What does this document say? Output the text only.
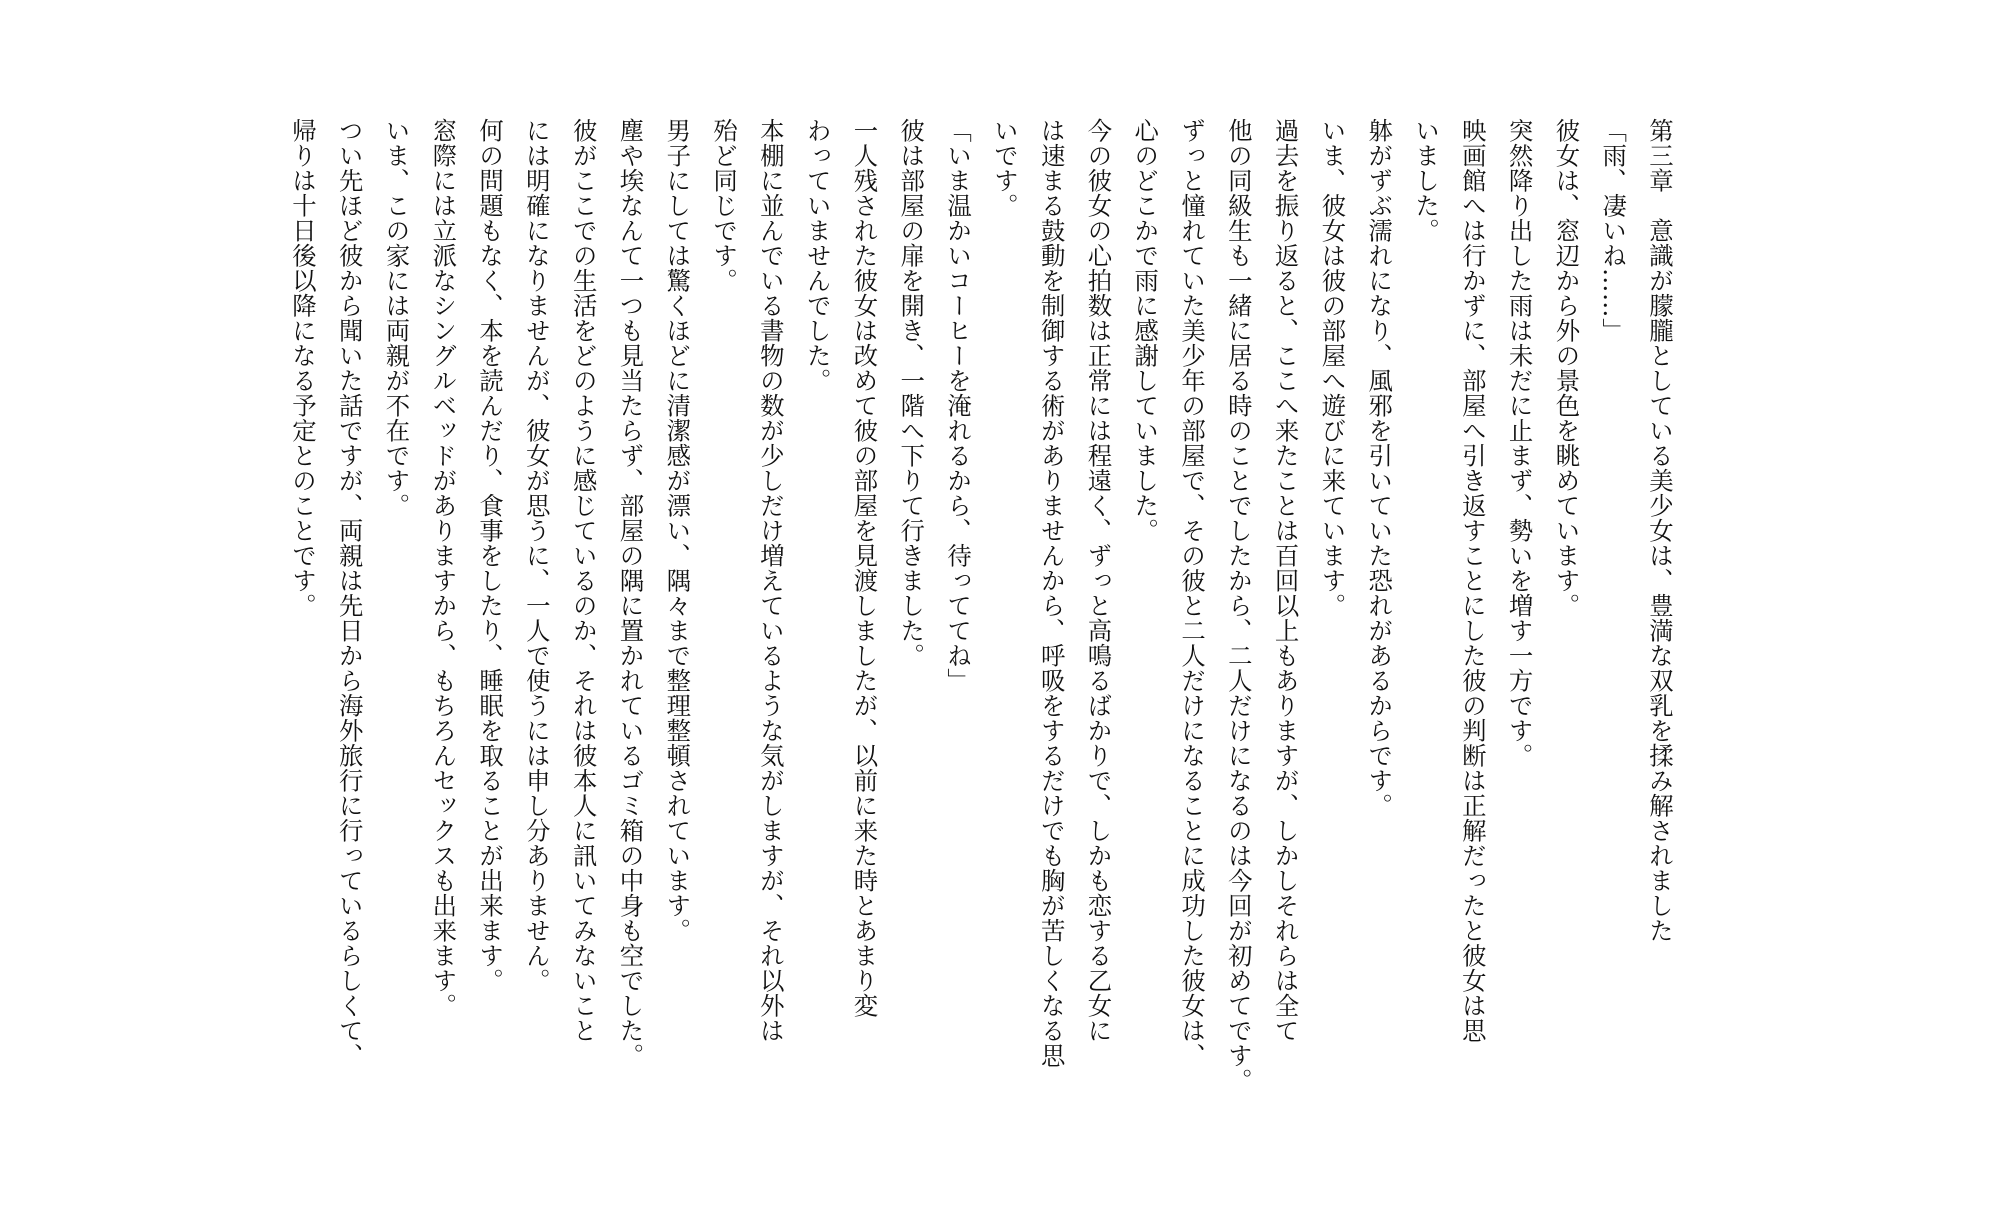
第三章　意識が朦朧としている美少女は、豊満な双乳を揉み解されました
「雨、凄いね……」
彼女は、窓辺から外の景色を眺めています。
突然降り出した雨は未だに止まず、勢いを増す一方です。
映画館へは行かずに、部屋へ引き返すことにした彼の判断は正解だったと彼女は思
いました。
躰がずぶ濡れになり、風邪を引いていた恐れがあるからです。
いま、彼女は彼の部屋へ遊びに来ています。
過去を振り返ると、ここへ来たことは百回以上もありますが、しかしそれらは全て
他の同級生も一緒に居る時のことでしたから、二人だけになるのは今回が初めてです。
ずっと憧れていた美少年の部屋で、その彼と二人だけになることに成功した彼女は、
心のどこかで雨に感謝していました。
今の彼女の心拍数は正常には程遠く、ずっと高鳴るばかりで、しかも恋する乙女に
は速まる鼓動を制御する術がありませんから、呼吸をするだけでも胸が苦しくなる思
いです。
「いま温かいコーヒーを淹れるから、待っててね」
彼は部屋の扉を開き、一階へ下りて行きました。
一人残された彼女は改めて彼の部屋を見渡しましたが、以前に来た時とあまり変
わっていませんでした。
本棚に並んでいる書物の数が少しだけ増えているような気がしますが、それ以外は
殆ど同じです。
男子にしては驚くほどに清潔感が漂い、隅々まで整理整頓されています。
塵や埃なんて一つも見当たらず、部屋の隅に置かれているゴミ箱の中身も空でした。
彼がここでの生活をどのように感じているのか、それは彼本人に訊いてみないこと
には明確になりませんが、彼女が思うに、一人で使うには申し分ありません。
何の問題もなく、本を読んだり、食事をしたり、睡眠を取ることが出来ます。
窓際には立派なシングルベッドがありますから、もちろんセックスも出来ます。
いま、この家には両親が不在です。
つい先ほど彼から聞いた話ですが、両親は先日から海外旅行に行っているらしくて、
帰りは十日後以降になる予定とのことです。
